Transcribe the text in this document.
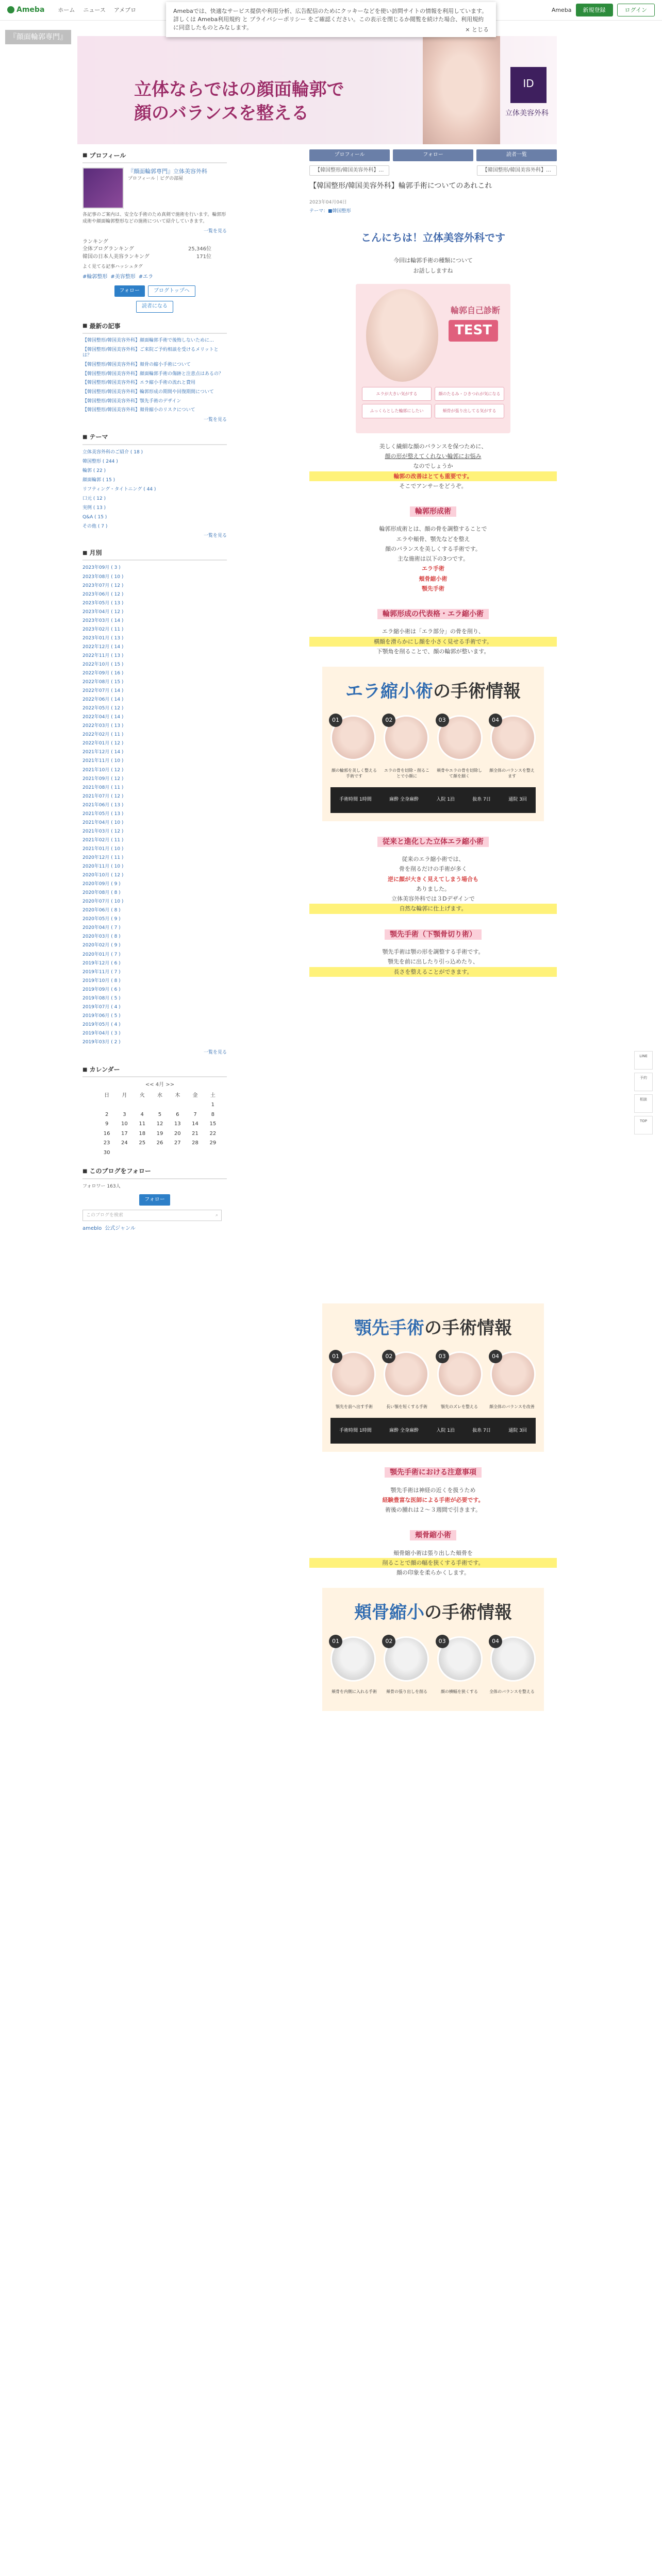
Ameba ホーム ニュース アメブロ	Ameba	新規登録	ログイン
Amebaでは、快適なサービス提供や利用分析、広告配信のためにクッキーなどを使い訪問サイトの情報を利用しています。詳しくは Ameba利用規約 と プライバシーポリシー をご確認ください。この表示を閉じるか閲覧を続けた場合、利用規約に同意したものとみなします。	× とじる
立体ならではの顔面輪郭で
顔のバランスを整える
ID
立体美容外科
『顔面輪郭専門』
■ プロフィール
『顔面輪郭専門』立体美容外科
プロフィール｜ピグの部屋
各記事のご案内は、安全な手術のため真剣で施術を行います。輪郭形成術や顔面輪郭整形などの施術について紹介していきます。
一覧を見る
ランキング
全体ブログランキング	25,346位
韓国の日本人美容ランキング	171位
よく見てる記事ハッシュタグ
#輪郭整形 #美容整形 #エラ
フォロー	ブログトップへ
読者になる
■ 最新の記事
【韓国整形/韓国美容外科】顔面輪郭手術で後悔しないために…
【韓国整形/韓国美容外科】ご来院ご予約相談を受けるメリットとは？
【韓国整形/韓国美容外科】頬骨の縮小手術について
【韓国整形/韓国美容外科】顔面輪郭手術の傷跡と注意点はあるの？
【韓国整形/韓国美容外科】エラ縮小手術の流れと費用
【韓国整形/韓国美容外科】輪郭形成の期間や回復期間について
【韓国整形/韓国美容外科】顎先手術のデザイン
【韓国整形/韓国美容外科】頬骨縮小のリスクについて
一覧を見る
■ テーマ
立体美容外科のご紹介 ( 18 )
韓国整形 ( 244 )
輪郭 ( 22 )
顔面輪郭 ( 15 )
リフティング・タイトニング ( 44 )
口元 ( 12 )
実例 ( 13 )
Q&A ( 15 )
その他 ( 7 )
一覧を見る
■ 月別
2023年09月 ( 3 )
2023年08月 ( 10 )
2023年07月 ( 12 )
2023年06月 ( 12 )
2023年05月 ( 13 )
2023年04月 ( 12 )
2023年03月 ( 14 )
2023年02月 ( 11 )
2023年01月 ( 13 )
2022年12月 ( 14 )
2022年11月 ( 13 )
2022年10月 ( 15 )
2022年09月 ( 16 )
2022年08月 ( 15 )
2022年07月 ( 14 )
2022年06月 ( 14 )
2022年05月 ( 12 )
2022年04月 ( 14 )
2022年03月 ( 13 )
2022年02月 ( 11 )
2022年01月 ( 12 )
2021年12月 ( 14 )
2021年11月 ( 10 )
2021年10月 ( 12 )
2021年09月 ( 12 )
2021年08月 ( 11 )
2021年07月 ( 12 )
2021年06月 ( 13 )
2021年05月 ( 13 )
2021年04月 ( 10 )
2021年03月 ( 12 )
2021年02月 ( 11 )
2021年01月 ( 10 )
2020年12月 ( 11 )
2020年11月 ( 10 )
2020年10月 ( 12 )
2020年09月 ( 9 )
2020年08月 ( 8 )
2020年07月 ( 10 )
2020年06月 ( 8 )
2020年05月 ( 9 )
2020年04月 ( 7 )
2020年03月 ( 8 )
2020年02月 ( 9 )
2020年01月 ( 7 )
2019年12月 ( 6 )
2019年11月 ( 7 )
2019年10月 ( 8 )
2019年09月 ( 6 )
2019年08月 ( 5 )
2019年07月 ( 4 )
2019年06月 ( 5 )
2019年05月 ( 4 )
2019年04月 ( 3 )
2019年03月 ( 2 )
一覧を見る
■ カレンダー
<< 4月 >>
日	月	火	水	木	金	土
						1
2	3	4	5	6	7	8
9	10	11	12	13	14	15
16	17	18	19	20	21	22
23	24	25	26	27	28	29
30						
■ このブログをフォロー
フォロワー 163人
フォロー
このブログを検索	⌕
ameblo 公式ジャンル
プロフィール	フォロー	読者一覧
【韓国整形/韓国美容外科】…	【韓国整形/韓国美容外科】…
【韓国整形/韓国美容外科】輪郭手術についてのあれこれ
2023年04月04日
テーマ：■韓国整形
こんにちは！立体美容外科です
今回は輪郭手術の種類について
お話ししますね
輪郭自己診断
TEST
エラが大きい気がする	顔のたるみ・ひきつれが気になる
ふっくらとした輪郭にしたい	頬骨が張り出してる気がする
美しく繊細な顔のバランスを保つために、
顔の形が整えてくれない輪郭にお悩み
なのでしょうか
輪郭の改善はとても重要です。
そこでアンサーをどうぞ。
輪郭形成術
輪郭形成術とは、顔の骨を調整することで
エラや頬骨、顎先などを整え
顔のバランスを美しくする手術です。
主な施術は以下の3つです。
エラ手術
頬骨縮小術
顎先手術
輪郭形成の代表格・エラ縮小術
エラ縮小術は「エラ部分」の骨を削り、
横顔を滑らかにし顔を小さく見せる手術です。
下顎角を削ることで、顔の輪郭が整います。
エラ縮小術の手術情報
01	02	03	04
顔の輪郭を美しく整える手術です
エラの骨を切除・削ることで小顔に
頬骨やエラの骨を切除して顔を細く
顔全体のバランスを整えます
手術時間 1時間	麻酔 全身麻酔	入院 1泊	抜糸 7日	通院 3回
従来と進化した立体エラ縮小術
従来のエラ縮小術では、
骨を削るだけの手術が多く
逆に顔が大きく見えてしまう場合も
ありました。
立体美容外科では３Dデザインで
自然な輪郭に仕上げます。
顎先手術（下顎骨切り術）
顎先手術は顎の形を調整する手術です。
顎先を前に出したり引っ込めたり、
長さを整えることができます。
顎先手術の手術情報
01	02	03	04
顎先を前へ出す手術	長い顎を短くする手術	顎先のズレを整える	顔全体のバランスを改善
手術時間 1時間	麻酔 全身麻酔	入院 1泊	抜糸 7日	通院 3回
顎先手術における注意事項
顎先手術は神経の近くを扱うため
経験豊富な医師による手術が必要です。
術後の腫れは２〜３週間で引きます。
頬骨縮小術
頬骨縮小術は張り出した頬骨を
削ることで顔の幅を狭くする手術です。
顔の印象を柔らかくします。
頬骨縮小の手術情報
01	02	03	04
頬骨を内側に入れる手術	頬骨の張り出しを削る	顔の横幅を狭くする	全体のバランスを整える
LINE
予約
相談
TOP
